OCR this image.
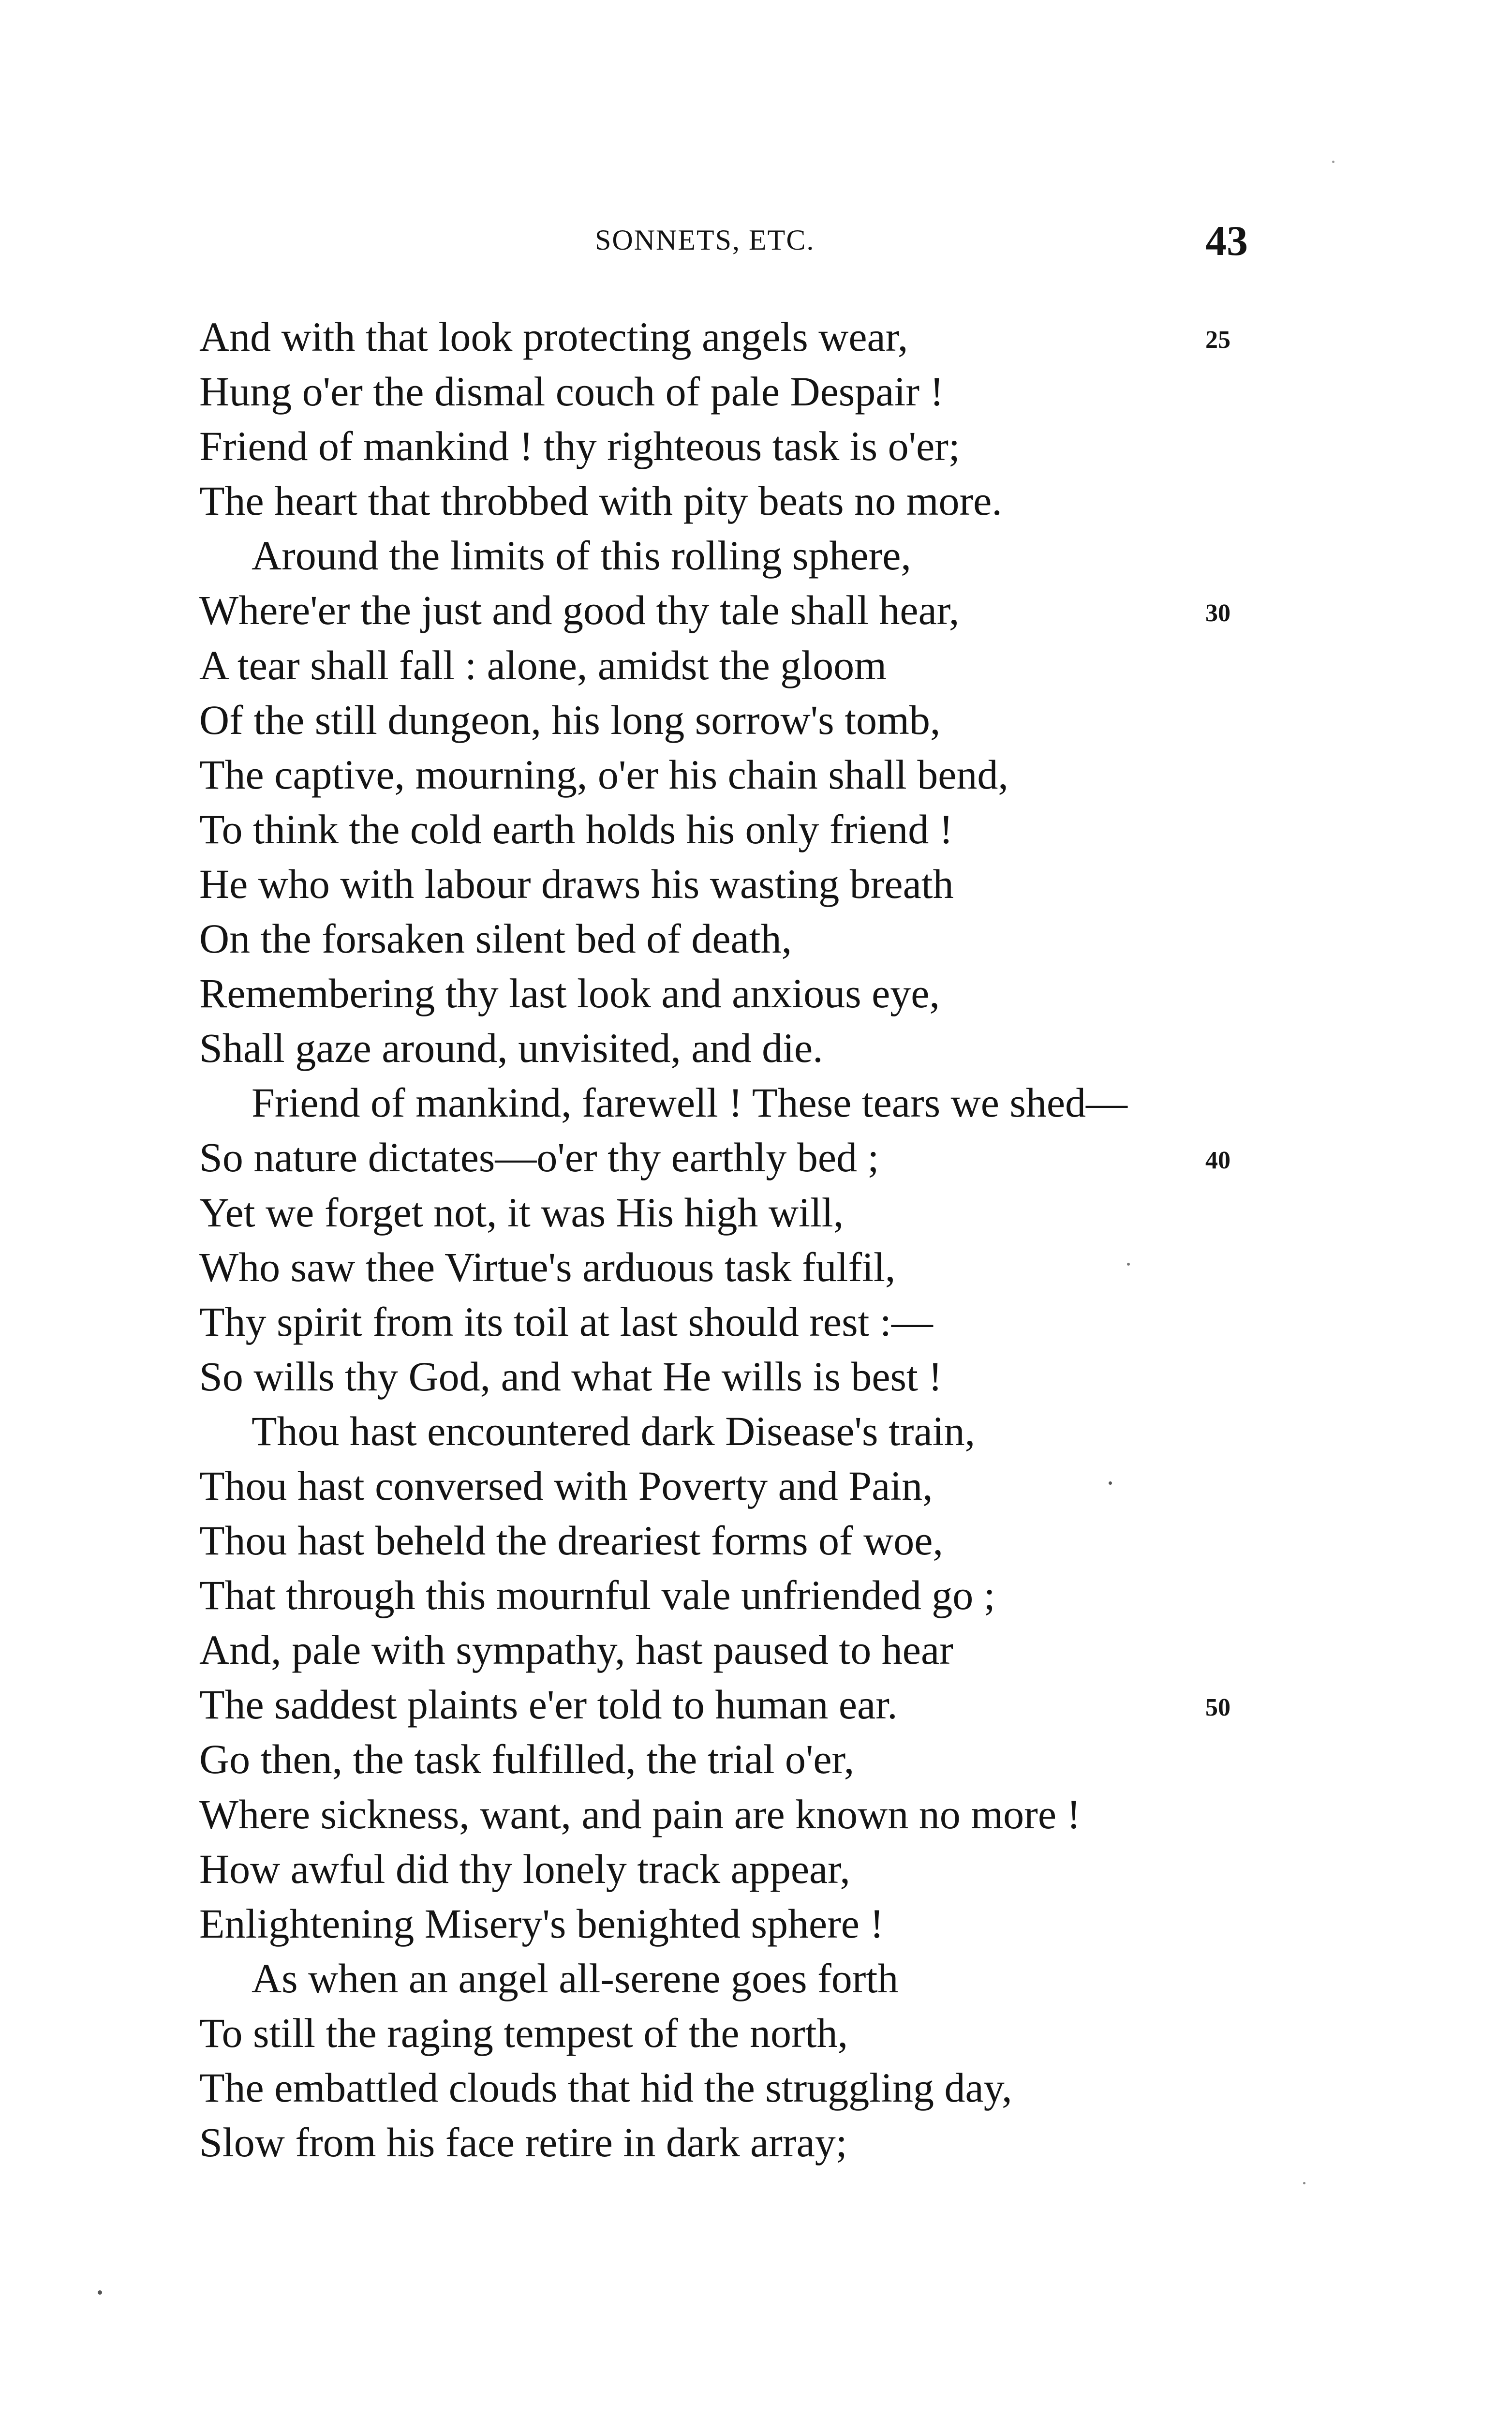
SONNETS, ETC.	43
And with that look protecting angels wear,	25
Hung o'er the dismal couch of pale Despair !
Friend of mankind ! thy righteous task is o'er;
The heart that throbbed with pity beats no more.
Around the limits of this rolling sphere,
Where'er the just and good thy tale shall hear,	30
A tear shall fall : alone, amidst the gloom
Of the still dungeon, his long sorrow's tomb,
The captive, mourning, o'er his chain shall bend,
To think the cold earth holds his only friend !
He who with labour draws his wasting breath
On the forsaken silent bed of death,
Remembering thy last look and anxious eye,
Shall gaze around, unvisited, and die.
Friend of mankind, farewell ! These tears we shed—
So nature dictates—o'er thy earthly bed ;	40
Yet we forget not, it was His high will,
Who saw thee Virtue's arduous task fulfil,
Thy spirit from its toil at last should rest :—
So wills thy God, and what He wills is best !
Thou hast encountered dark Disease's train,
Thou hast conversed with Poverty and Pain,
Thou hast beheld the dreariest forms of woe,
That through this mournful vale unfriended go ;
And, pale with sympathy, hast paused to hear
The saddest plaints e'er told to human ear.	50
Go then, the task fulfilled, the trial o'er,
Where sickness, want, and pain are known no more !
How awful did thy lonely track appear,
Enlightening Misery's benighted sphere !
As when an angel all-serene goes forth
To still the raging tempest of the north,
The embattled clouds that hid the struggling day,
Slow from his face retire in dark array;
